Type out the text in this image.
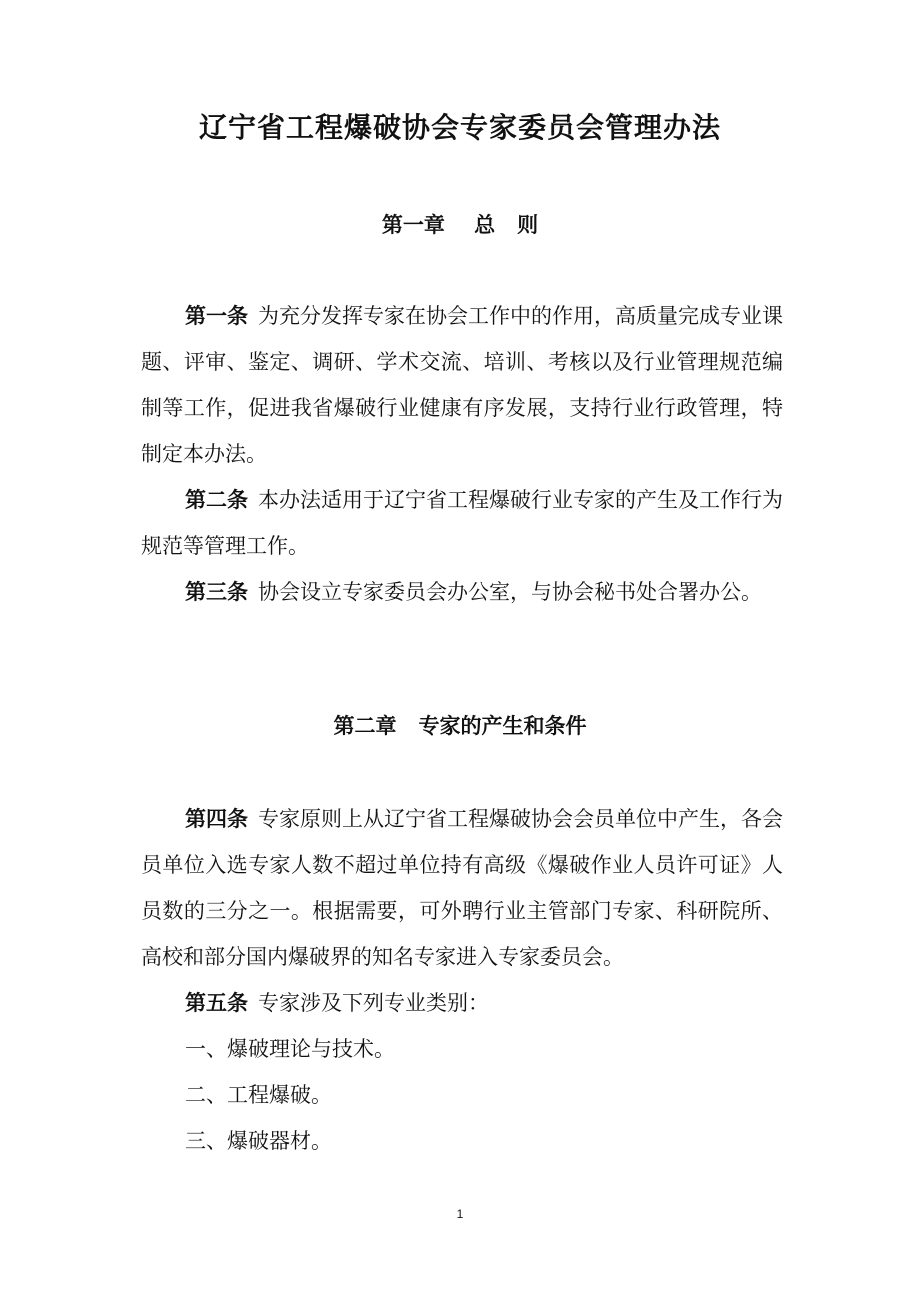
辽宁省工程爆破协会专家委员会管理办法
第一章    总   则

第一条 为充分发挥专家在协会工作中的作用，高质量完成专业课题、评审、鉴定、调研、学术交流、培训、考核以及行业管理规范编制等工作，促进我省爆破行业健康有序发展，支持行业行政管理，特制定本办法。

第二条 本办法适用于辽宁省工程爆破行业专家的产生及工作行为规范等管理工作。

第三条 协会设立专家委员会办公室，与协会秘书处合署办公。

第二章   专家的产生和条件

第四条 专家原则上从辽宁省工程爆破协会会员单位中产生，各会员单位入选专家人数不超过单位持有高级《爆破作业人员许可证》人员数的三分之一。根据需要，可外聘行业主管部门专家、科研院所、高校和部分国内爆破界的知名专家进入专家委员会。

第五条 专家涉及下列专业类别：

一、爆破理论与技术。

二、工程爆破。

三、爆破器材。

1
